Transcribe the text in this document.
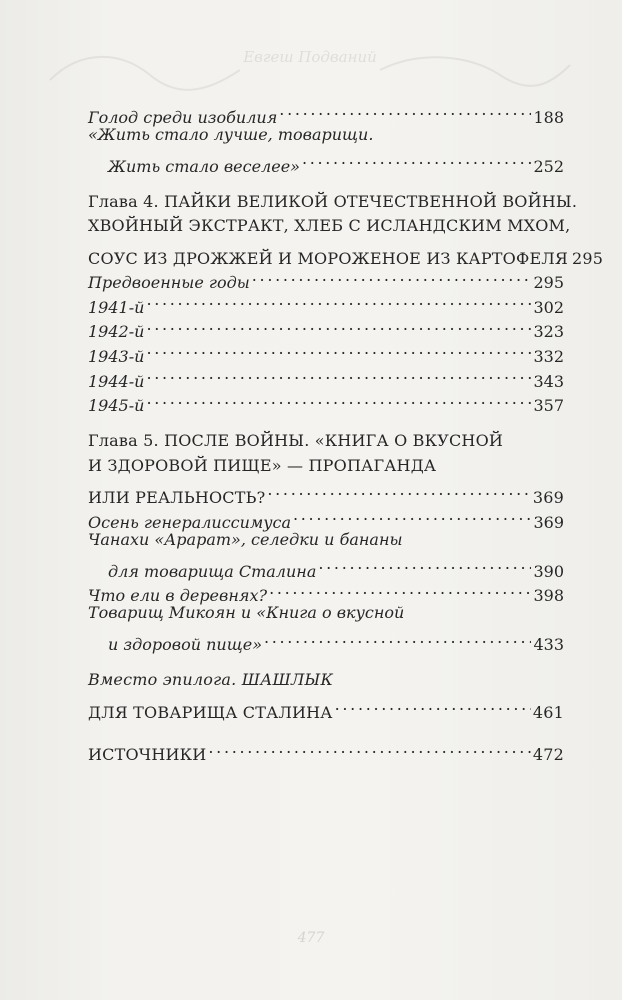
Евгеш Подваний
Голод среди изобилия . . .	188
«Жить стало лучше, товарищи.
Жить стало веселее» . . .	252
Глава 4. ПАЙКИ ВЕЛИКОЙ ОТЕЧЕСТВЕННОЙ ВОЙНЫ.
ХВОЙНЫЙ ЭКСТРАКТ, ХЛЕБ С ИСЛАНДСКИМ МХОМ,
СОУС ИЗ ДРОЖЖЕЙ И МОРОЖЕНОЕ ИЗ КАРТОФЕЛЯ 295
Предвоенные годы . . .	295
1941-й . . .	302
1942-й . . .	323
1943-й . . .	332
1944-й . . .	343
1945-й . . .	357
Глава 5. ПОСЛЕ ВОЙНЫ. «КНИГА О ВКУСНОЙ
И ЗДОРОВОЙ ПИЩЕ» — ПРОПАГАНДА
ИЛИ РЕАЛЬНОСТЬ? . . .	369
Осень генералиссимуса . . .	369
Чанахи «Арарат», селедки и бананы
для товарища Сталина . . .	390
Что ели в деревнях? . . .	398
Товарищ Микоян и «Книга о вкусной
и здоровой пище» . . .	433
Вместо эпилога. ШАШЛЫК
ДЛЯ ТОВАРИЩА СТАЛИНА . . .	461
ИСТОЧНИКИ . . .	472
477
